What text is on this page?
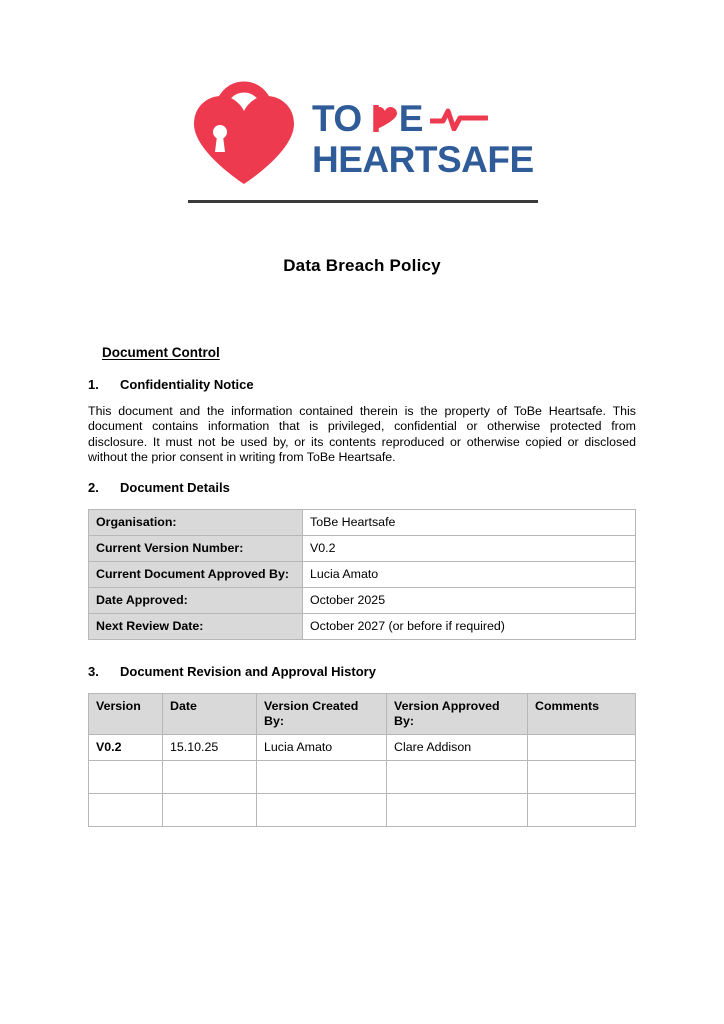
TO E
HEARTSAFE
Data Breach Policy
Document Control
1.	Confidentiality Notice
This document and the information contained therein is the property of ToBe Heartsafe. This document contains information that is privileged, confidential or otherwise protected from disclosure. It must not be used by, or its contents reproduced or otherwise copied or disclosed without the prior consent in writing from ToBe Heartsafe.
2.	Document Details
Organisation:	ToBe Heartsafe
Current Version Number:	V0.2
Current Document Approved By:	Lucia Amato
Date Approved:	October 2025
Next Review Date:	October 2027 (or before if required)
3.	Document Revision and Approval History
Version	Date	Version Created By:	Version Approved By:	Comments
V0.2	15.10.25	Lucia Amato	Clare Addison	
